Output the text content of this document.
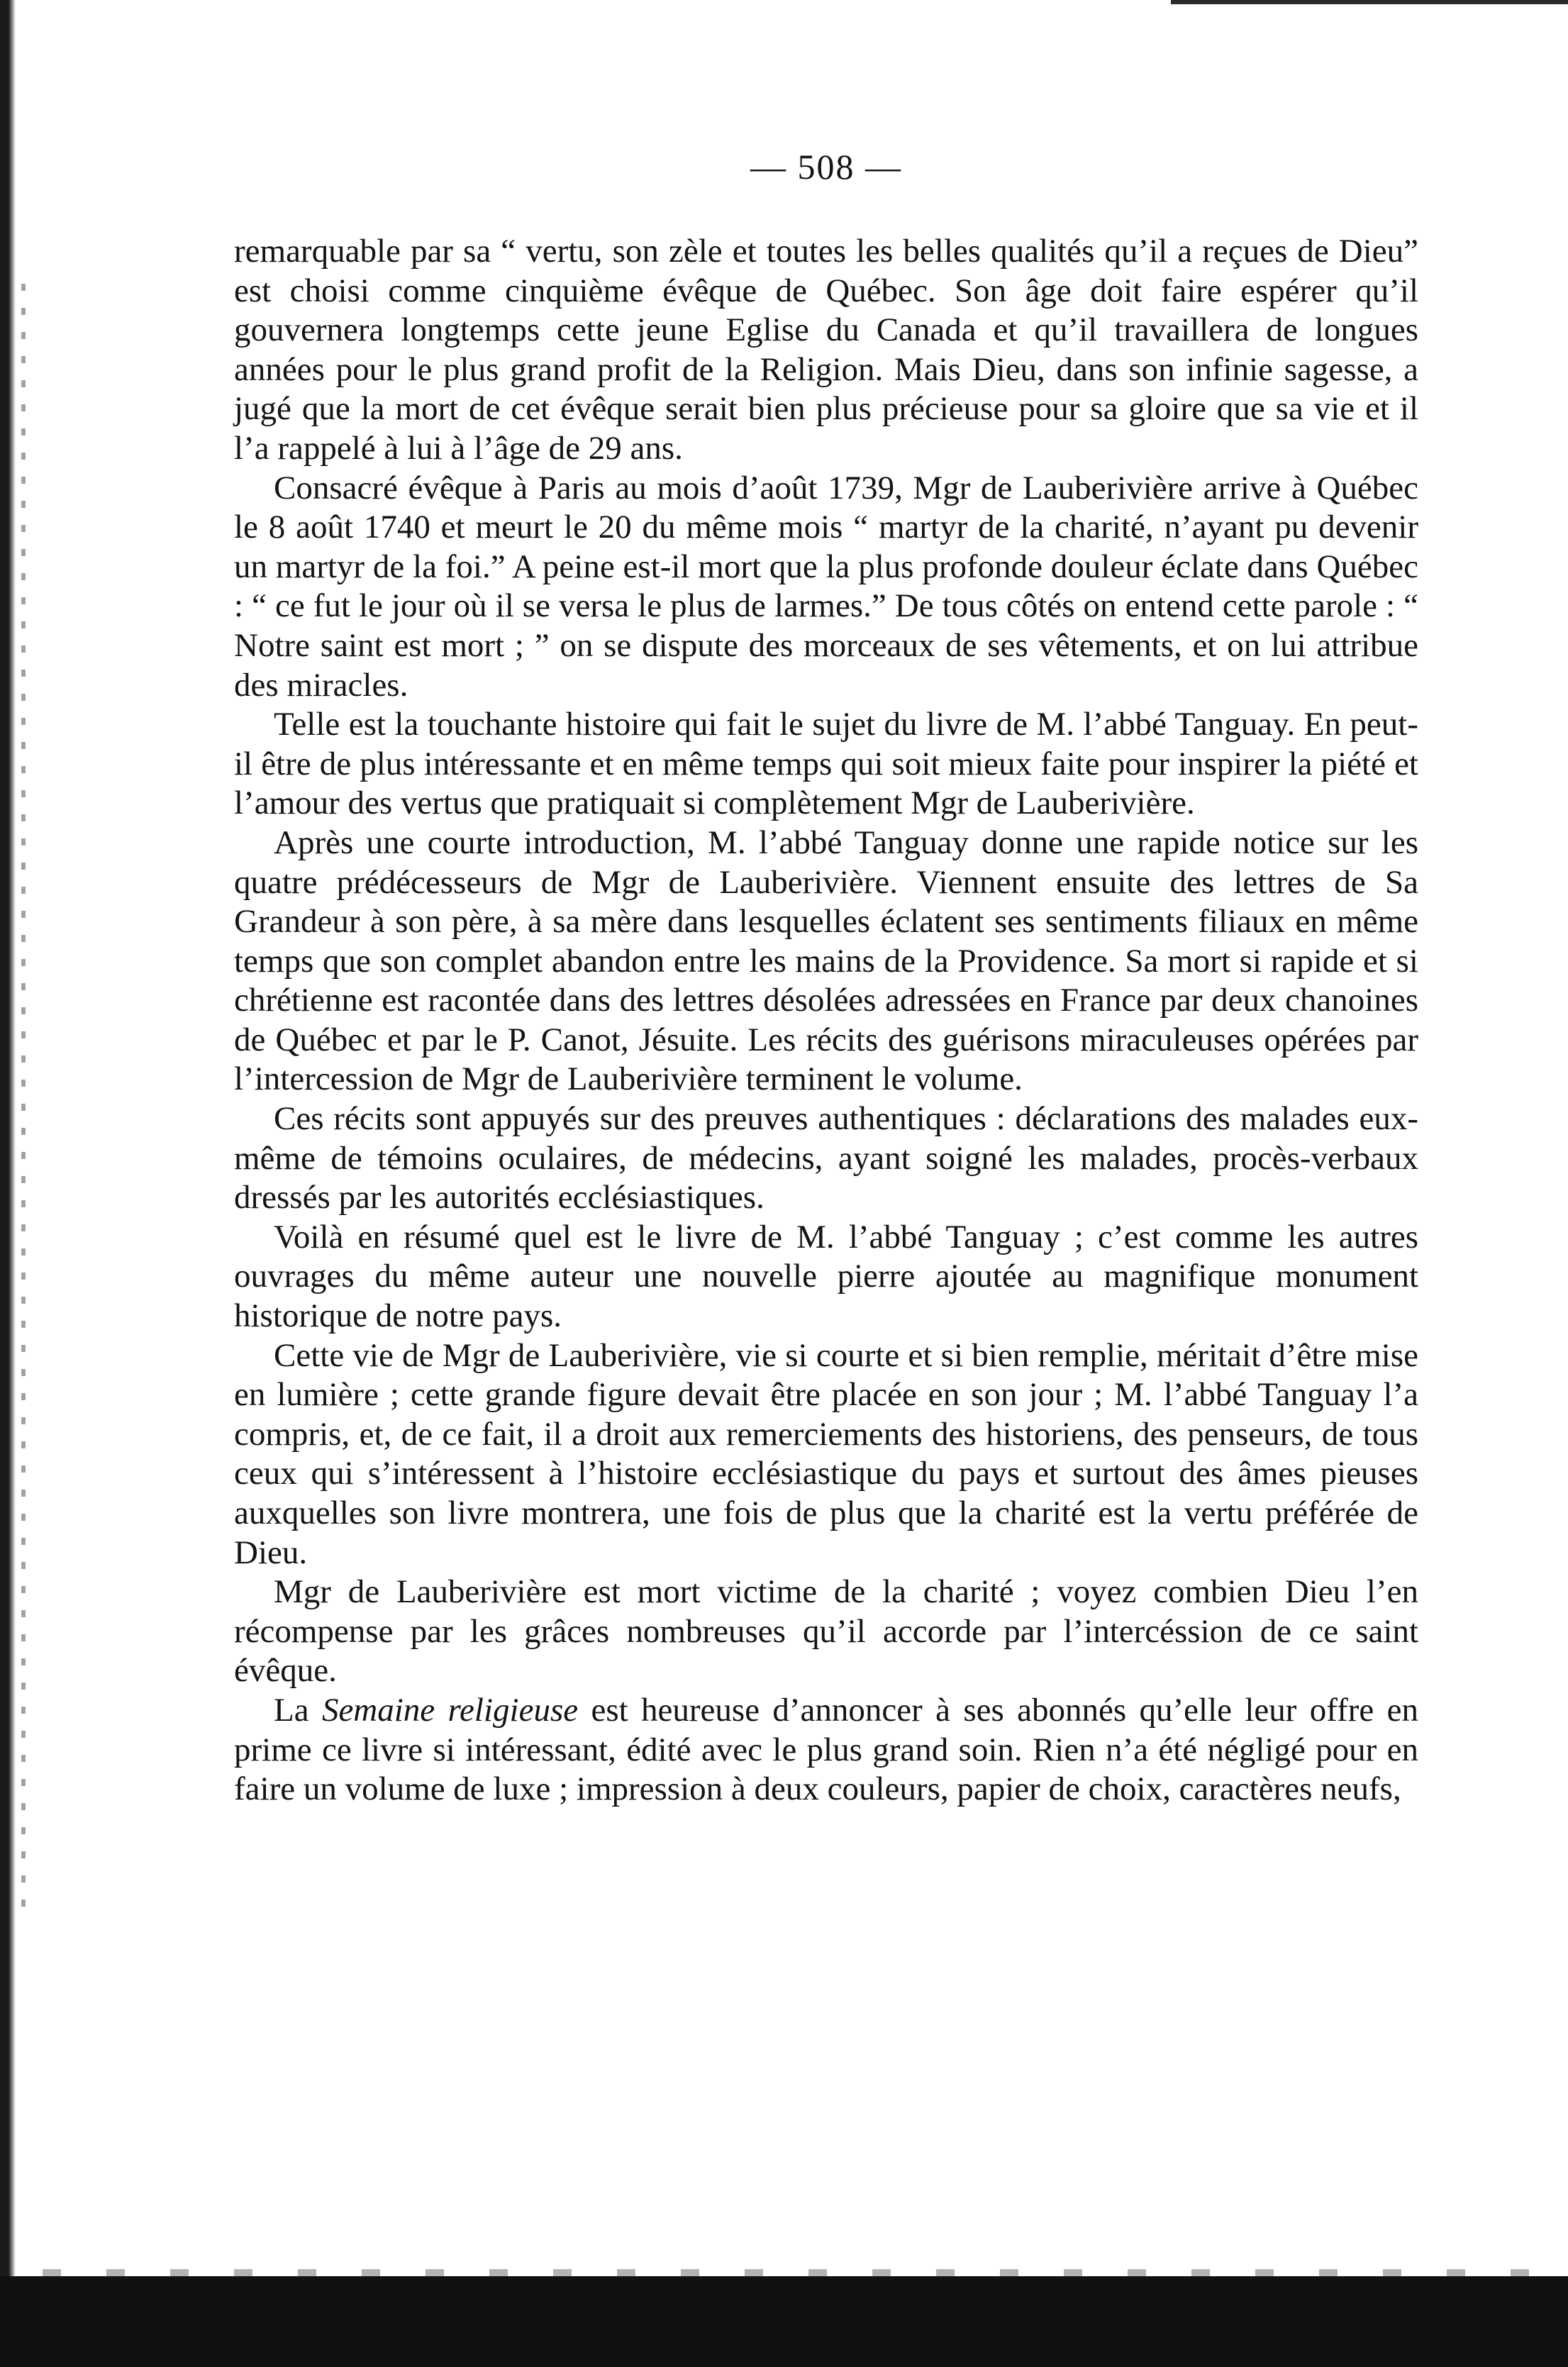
— 508 —

remarquable par sa “ vertu, son zèle et toutes les belles qualités qu’il a reçues de Dieu” est choisi comme cinquième évêque de Québec. Son âge doit faire espérer qu’il gouvernera longtemps cette jeune Eglise du Canada et qu’il travaillera de longues années pour le plus grand profit de la Religion. Mais Dieu, dans son infinie sagesse, a jugé que la mort de cet évêque serait bien plus précieuse pour sa gloire que sa vie et il l’a rappelé à lui à l’âge de 29 ans.

Consacré évêque à Paris au mois d’août 1739, Mgr de Lauberivière arrive à Québec le 8 août 1740 et meurt le 20 du même mois “ martyr de la charité, n’ayant pu devenir un martyr de la foi.” A peine est-il mort que la plus profonde douleur éclate dans Québec : “ ce fut le jour où il se versa le plus de larmes.” De tous côtés on entend cette parole : “ Notre saint est mort ; ” on se dispute des morceaux de ses vêtements, et on lui attribue des miracles.

Telle est la touchante histoire qui fait le sujet du livre de M. l’abbé Tanguay. En peut-il être de plus intéressante et en même temps qui soit mieux faite pour inspirer la piété et l’amour des vertus que pratiquait si complètement Mgr de Lauberivière.

Après une courte introduction, M. l’abbé Tanguay donne une rapide notice sur les quatre prédécesseurs de Mgr de Lauberivière. Viennent ensuite des lettres de Sa Grandeur à son père, à sa mère dans lesquelles éclatent ses sentiments filiaux en même temps que son complet abandon entre les mains de la Providence. Sa mort si rapide et si chrétienne est racontée dans des lettres désolées adressées en France par deux chanoines de Québec et par le P. Canot, Jésuite. Les récits des guérisons miraculeuses opérées par l’intercession de Mgr de Lauberivière terminent le volume.

Ces récits sont appuyés sur des preuves authentiques : déclarations des malades eux-même de témoins oculaires, de médecins, ayant soigné les malades, procès-verbaux dressés par les autorités ecclésiastiques.

Voilà en résumé quel est le livre de M. l’abbé Tanguay ; c’est comme les autres ouvrages du même auteur une nouvelle pierre ajoutée au magnifique monument historique de notre pays.

Cette vie de Mgr de Lauberivière, vie si courte et si bien remplie, méritait d’être mise en lumière ; cette grande figure devait être placée en son jour ; M. l’abbé Tanguay l’a compris, et, de ce fait, il a droit aux remerciements des historiens, des penseurs, de tous ceux qui s’intéressent à l’histoire ecclésiastique du pays et surtout des âmes pieuses auxquelles son livre montrera, une fois de plus que la charité est la vertu préférée de Dieu.

Mgr de Lauberivière est mort victime de la charité ; voyez combien Dieu l’en récompense par les grâces nombreuses qu’il accorde par l’intercéssion de ce saint évêque.

La Semaine religieuse est heureuse d’annoncer à ses abonnés qu’elle leur offre en prime ce livre si intéressant, édité avec le plus grand soin. Rien n’a été négligé pour en faire un volume de luxe ; impression à deux couleurs, papier de choix, caractères neufs,
